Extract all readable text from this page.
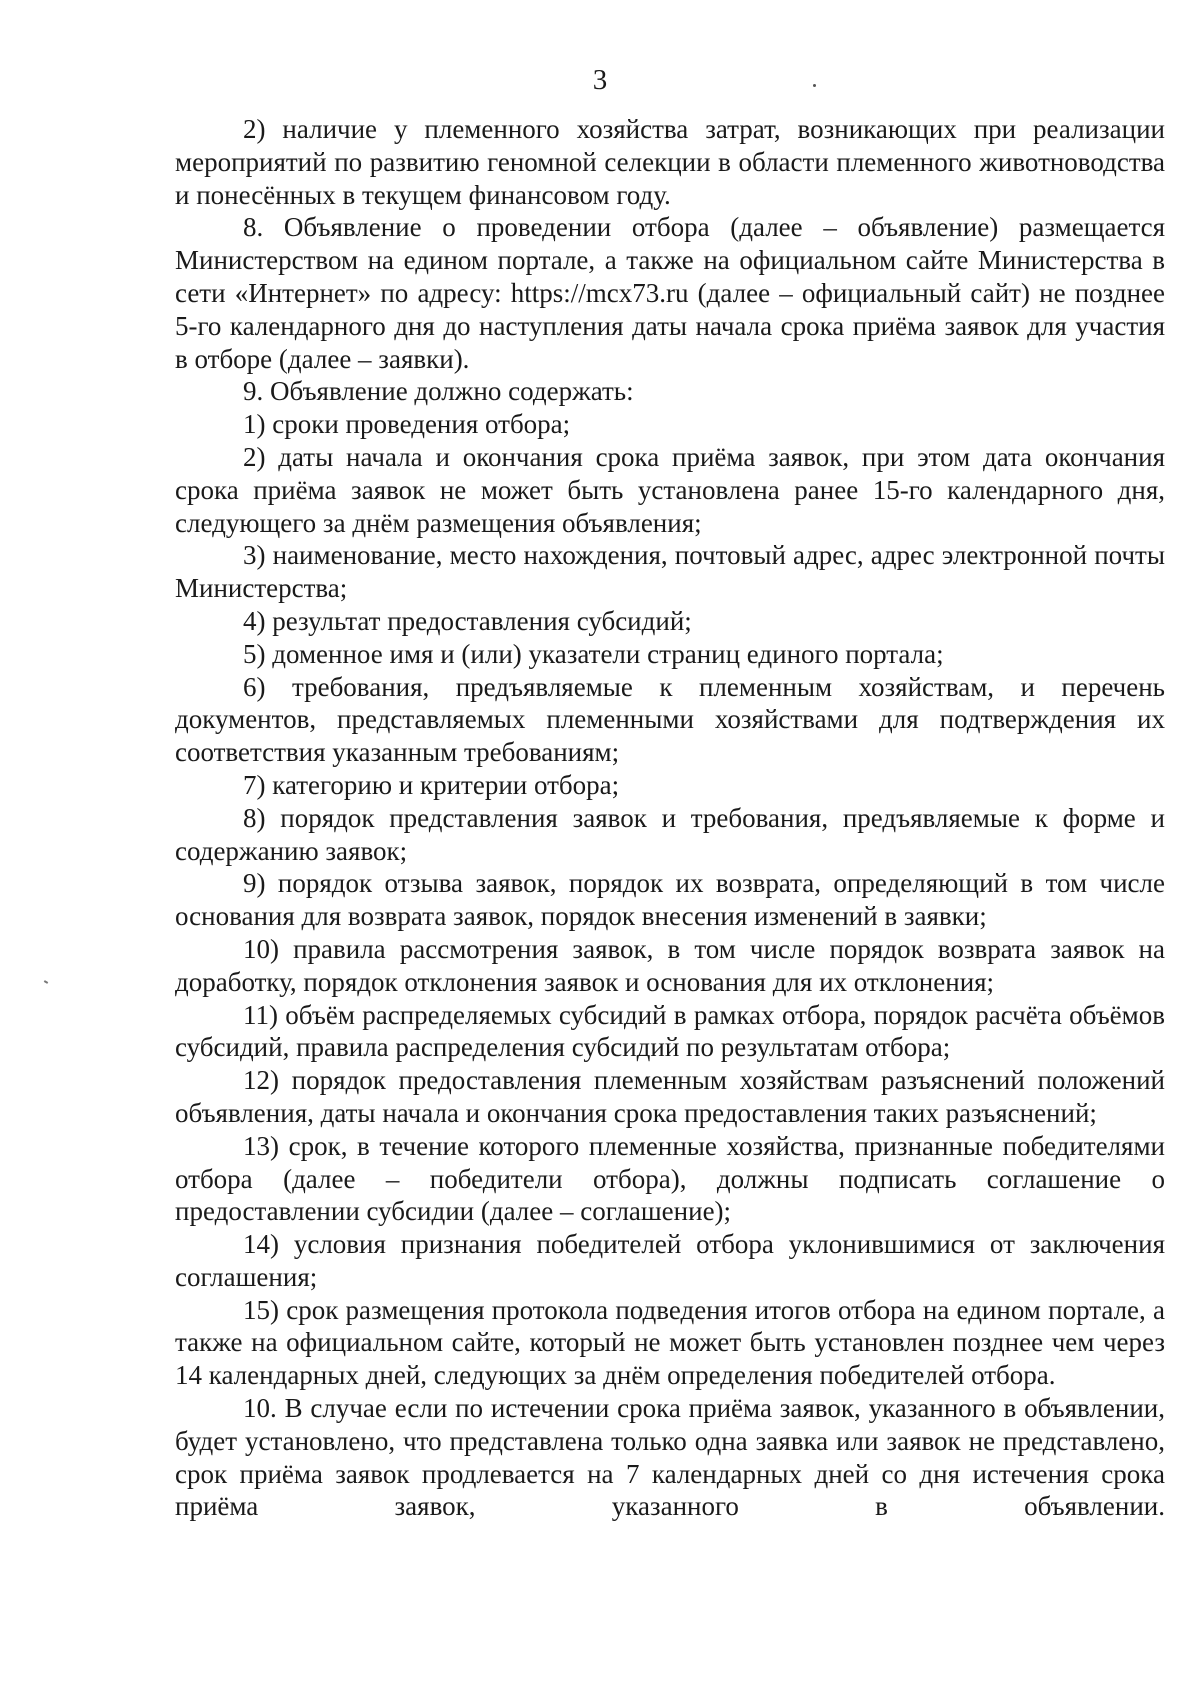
3

2) наличие у племенного хозяйства затрат, возникающих при реализации мероприятий по развитию геномной селекции в области племенного животноводства и понесённых в текущем финансовом году.

8. Объявление о проведении отбора (далее – объявление) размещается Министерством на едином портале, а также на официальном сайте Министерства в сети «Интернет» по адресу: https://mcx73.ru (далее – официальный сайт) не позднее 5-го календарного дня до наступления даты начала срока приёма заявок для участия в отборе (далее – заявки).

9. Объявление должно содержать:

1) сроки проведения отбора;

2) даты начала и окончания срока приёма заявок, при этом дата окончания срока приёма заявок не может быть установлена ранее 15-го календарного дня, следующего за днём размещения объявления;

3) наименование, место нахождения, почтовый адрес, адрес электронной почты Министерства;

4) результат предоставления субсидий;

5) доменное имя и (или) указатели страниц единого портала;

6) требования, предъявляемые к племенным хозяйствам, и перечень документов, представляемых племенными хозяйствами для подтверждения их соответствия указанным требованиям;

7) категорию и критерии отбора;

8) порядок представления заявок и требования, предъявляемые к форме и содержанию заявок;

9) порядок отзыва заявок, порядок их возврата, определяющий в том числе основания для возврата заявок, порядок внесения изменений в заявки;

10) правила рассмотрения заявок, в том числе порядок возврата заявок на доработку, порядок отклонения заявок и основания для их отклонения;

11) объём распределяемых субсидий в рамках отбора, порядок расчёта объёмов субсидий, правила распределения субсидий по результатам отбора;

12) порядок предоставления племенным хозяйствам разъяснений положений объявления, даты начала и окончания срока предоставления таких разъяснений;

13) срок, в течение которого племенные хозяйства, признанные победителями отбора (далее – победители отбора), должны подписать соглашение о предоставлении субсидии (далее – соглашение);

14) условия признания победителей отбора уклонившимися от заключения соглашения;

15) срок размещения протокола подведения итогов отбора на едином портале, а также на официальном сайте, который не может быть установлен позднее чем через 14 календарных дней, следующих за днём определения победителей отбора.

10. В случае если по истечении срока приёма заявок, указанного в объявлении, будет установлено, что представлена только одна заявка или заявок не представлено, срок приёма заявок продлевается на 7 календарных дней со дня истечения срока приёма заявок, указанного в объявлении.
